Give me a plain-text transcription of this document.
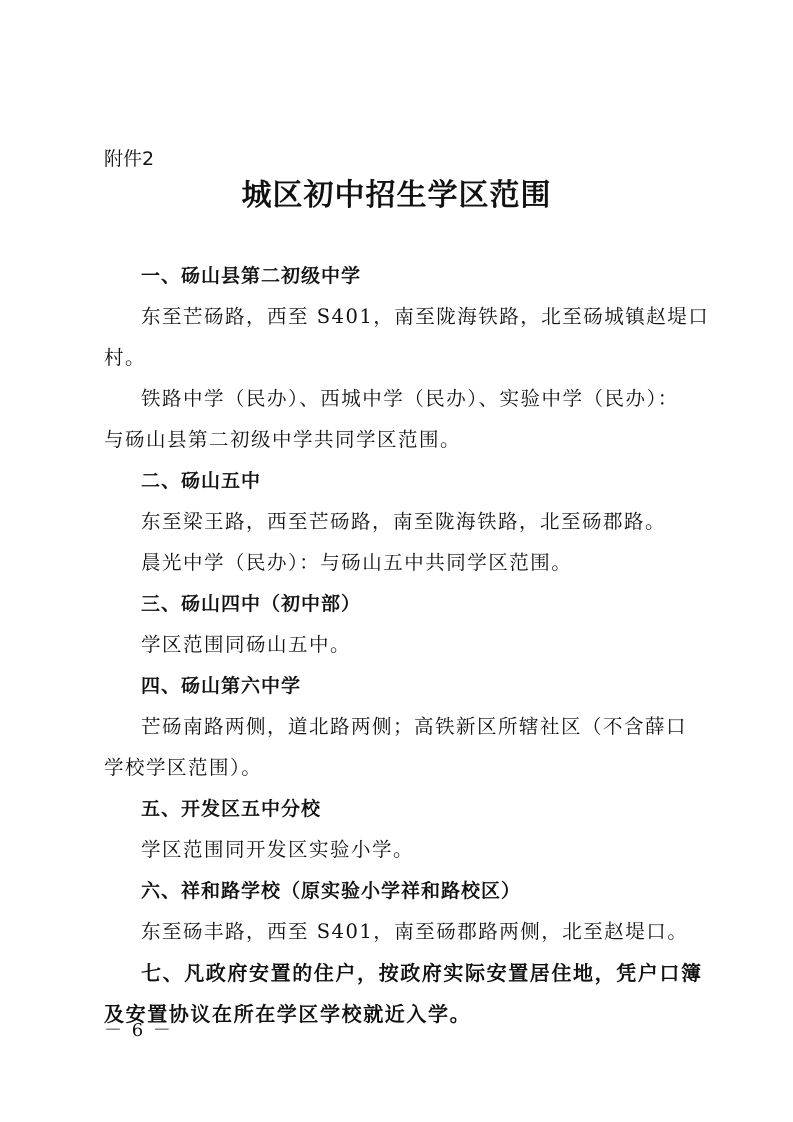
附件2
城区初中招生学区范围
一、砀山县第二初级中学
东至芒砀路，西至 S401，南至陇海铁路，北至砀城镇赵堤口
村。
铁路中学（民办）、西城中学（民办）、实验中学（民办）：
与砀山县第二初级中学共同学区范围。
二、砀山五中
东至梁王路，西至芒砀路，南至陇海铁路，北至砀郡路。
晨光中学（民办）：与砀山五中共同学区范围。
三、砀山四中（初中部）
学区范围同砀山五中。
四、砀山第六中学
芒砀南路两侧，道北路两侧；高铁新区所辖社区（不含薛口
学校学区范围）。
五、开发区五中分校
学区范围同开发区实验小学。
六、祥和路学校（原实验小学祥和路校区）
东至砀丰路，西至 S401，南至砀郡路两侧，北至赵堤口。
七、凡政府安置的住户，按政府实际安置居住地，凭户口簿
及安置协议在所在学区学校就近入学。
－ 6 －
